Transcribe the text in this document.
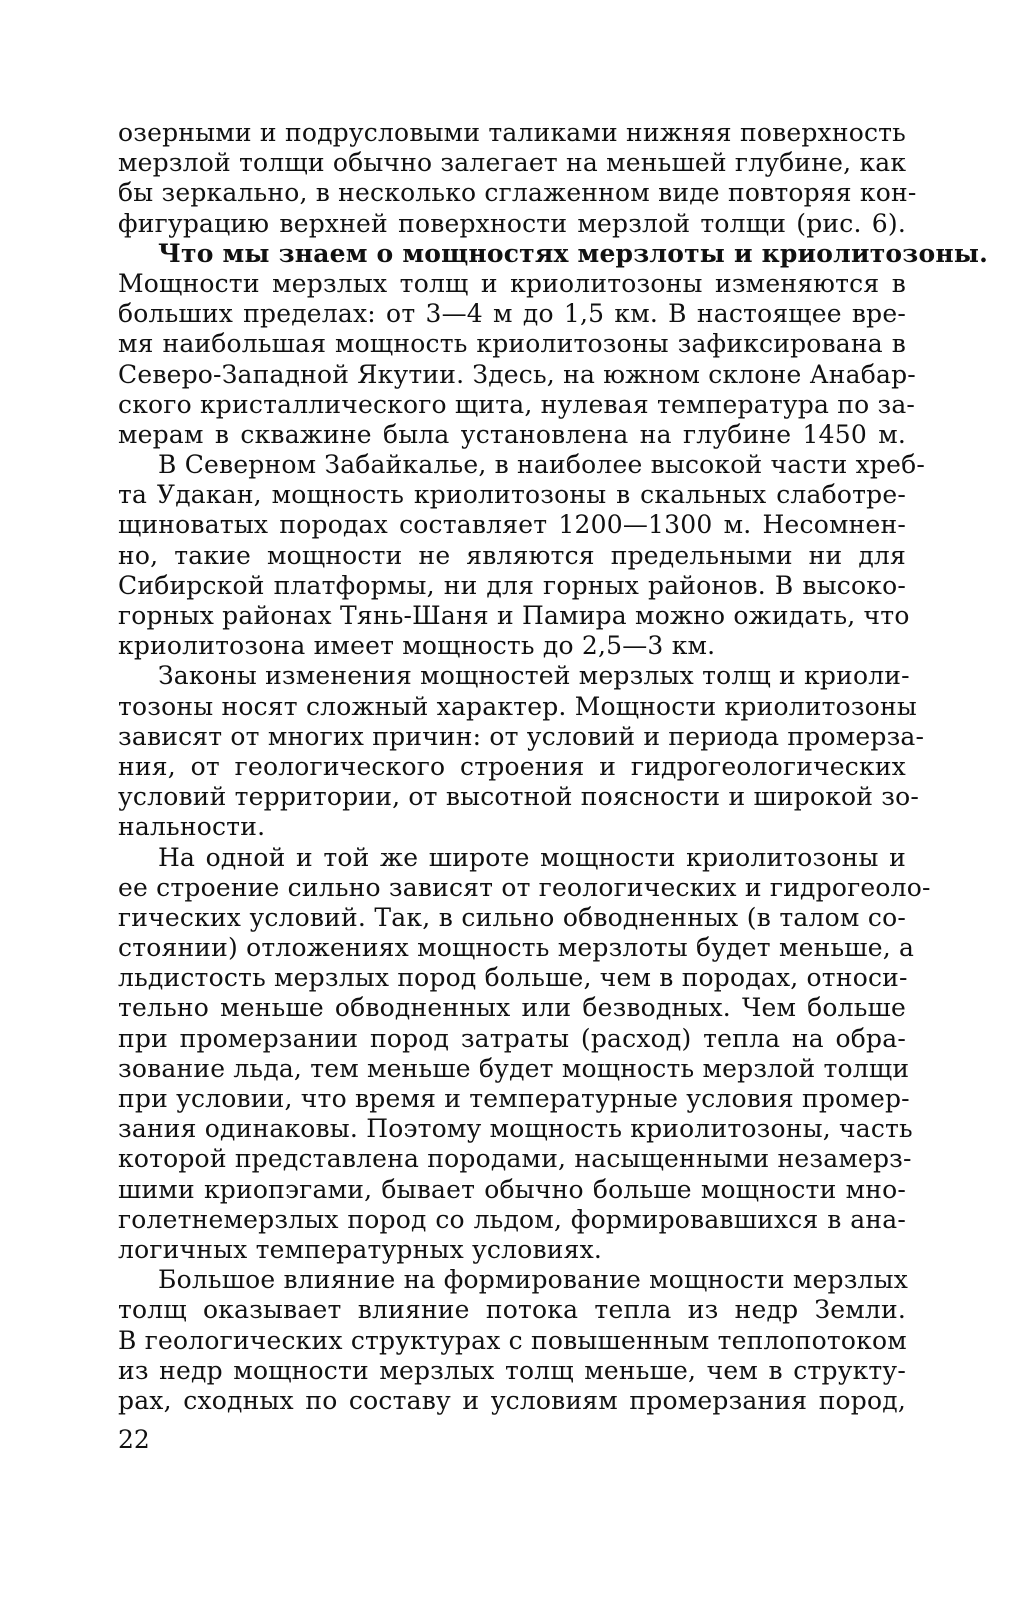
озерными и подрусловыми таликами нижняя поверхность
мерзлой толщи обычно залегает на меньшей глубине, как
бы зеркально, в несколько сглаженном виде повторяя кон-
фигурацию верхней поверхности мерзлой толщи (рис. 6).
Что мы знаем о мощностях мерзлоты и криолитозоны.
Мощности мерзлых толщ и криолитозоны изменяются в
больших пределах: от 3—4 м до 1,5 км. В настоящее вре-
мя наибольшая мощность криолитозоны зафиксирована в
Северо-Западной Якутии. Здесь, на южном склоне Анабар-
ского кристаллического щита, нулевая температура по за-
мерам в скважине была установлена на глубине 1450 м.
В Северном Забайкалье, в наиболее высокой части хреб-
та Удакан, мощность криолитозоны в скальных слаботре-
щиноватых породах составляет 1200—1300 м. Несомнен-
но, такие мощности не являются предельными ни для
Сибирской платформы, ни для горных районов. В высоко-
горных районах Тянь-Шаня и Памира можно ожидать, что
криолитозона имеет мощность до 2,5—3 км.
Законы изменения мощностей мерзлых толщ и криоли-
тозоны носят сложный характер. Мощности криолитозоны
зависят от многих причин: от условий и периода промерза-
ния, от геологического строения и гидрогеологических
условий территории, от высотной поясности и широкой зо-
нальности.
На одной и той же широте мощности криолитозоны и
ее строение сильно зависят от геологических и гидрогеоло-
гических условий. Так, в сильно обводненных (в талом со-
стоянии) отложениях мощность мерзлоты будет меньше, а
льдистость мерзлых пород больше, чем в породах, относи-
тельно меньше обводненных или безводных. Чем больше
при промерзании пород затраты (расход) тепла на обра-
зование льда, тем меньше будет мощность мерзлой толщи
при условии, что время и температурные условия промер-
зания одинаковы. Поэтому мощность криолитозоны, часть
которой представлена породами, насыщенными незамерз-
шими криопэгами, бывает обычно больше мощности мно-
голетнемерзлых пород со льдом, формировавшихся в ана-
логичных температурных условиях.
Большое влияние на формирование мощности мерзлых
толщ оказывает влияние потока тепла из недр Земли.
В геологических структурах с повышенным теплопотоком
из недр мощности мерзлых толщ меньше, чем в структу-
рах, сходных по составу и условиям промерзания пород,
22
